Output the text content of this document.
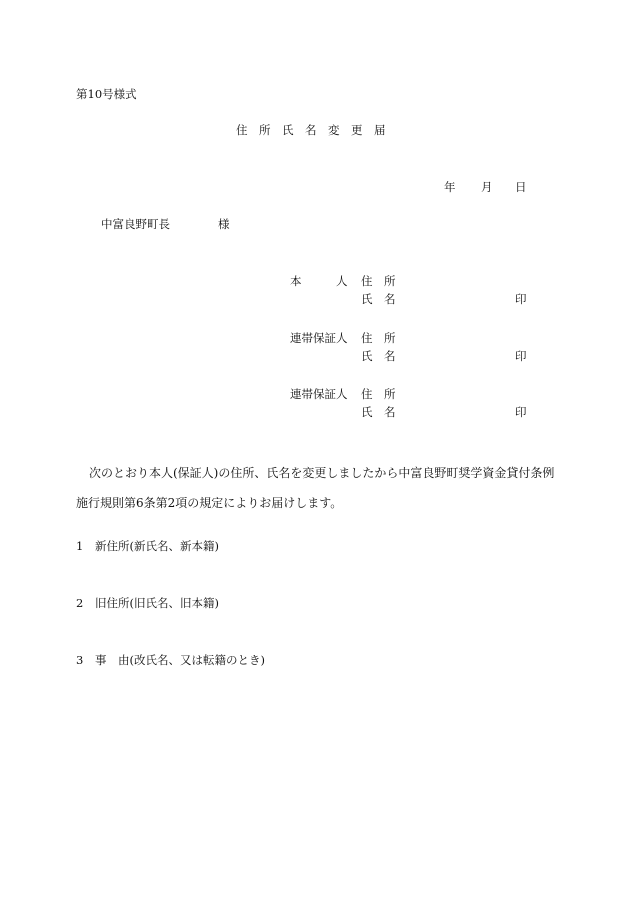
第10号様式
住　所　氏　名　変　更　届
年 月 日
中富良野町長	様
本　　　人 住　所
氏　名	印
連帯保証人 住　所
氏　名	印
連帯保証人 住　所
氏　名	印
次のとおり本人(保証人)の住所、氏名を変更しましたから中富良野町奨学資金貸付条例
施行規則第6条第2項の規定によりお届けします。
1 新住所(新氏名、新本籍)
2 旧住所(旧氏名、旧本籍)
3 事　由(改氏名、又は転籍のとき)
